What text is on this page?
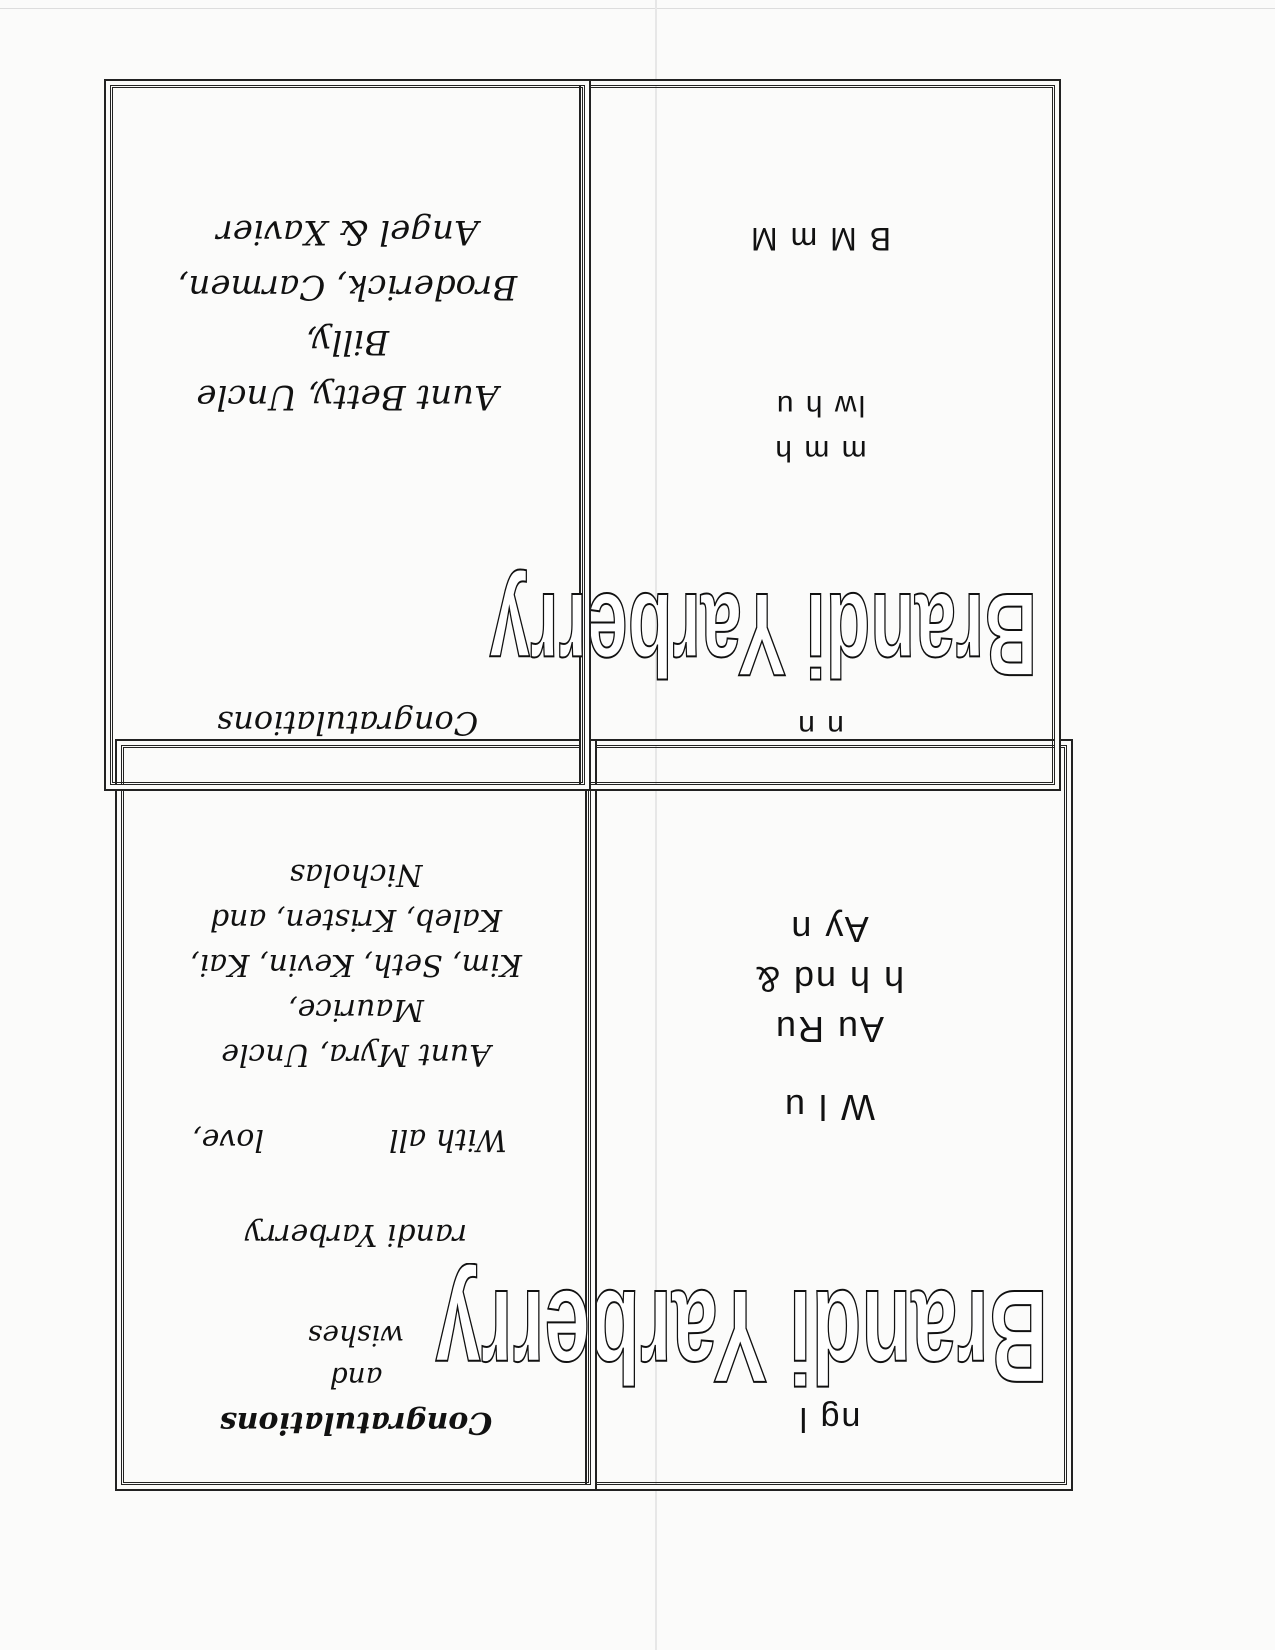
ng l
Brandi Yarberry
W l u
Au Ru
h h nd &
Ay n
Congratulations
and
wishes
randi Yarberry
With all
love,
Aunt Myra, Uncle
Maurice,
Kim, Seth, Kevin, Kai,
Kaleb, Kristen, and
Nicholas
n n
Brandi Yarberry
m m h
lw h u
B M m M
Congratulations
Aunt Betty, Uncle
Billy,
Broderick, Carmen,
Angel & Xavier
